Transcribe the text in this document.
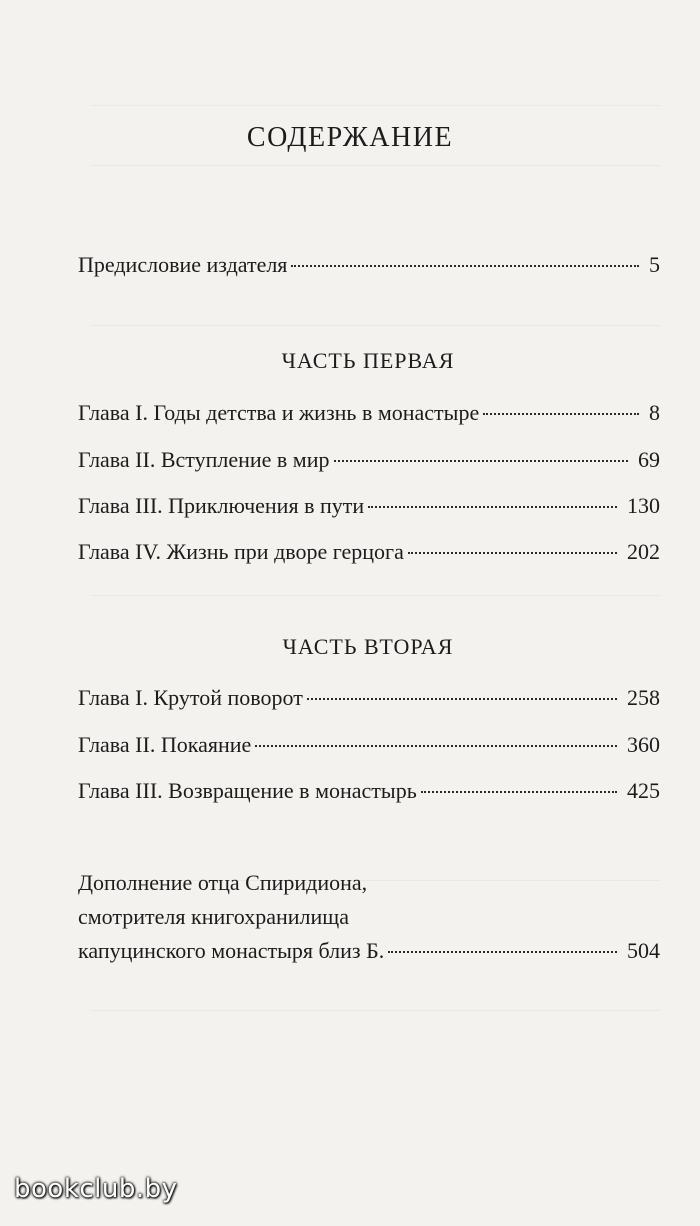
СОДЕРЖАНИЕ
Предисловие издателя	5
ЧАСТЬ ПЕРВАЯ
Глава I. Годы детства и жизнь в монастыре	8
Глава II. Вступление в мир	69
Глава III. Приключения в пути	130
Глава IV. Жизнь при дворе герцога	202
ЧАСТЬ ВТОРАЯ
Глава I. Крутой поворот	258
Глава II. Покаяние	360
Глава III. Возвращение в монастырь	425
Дополнение отца Спиридиона,
смотрителя книгохранилища
капуцинского монастыря близ Б.	504
bookclub.by
